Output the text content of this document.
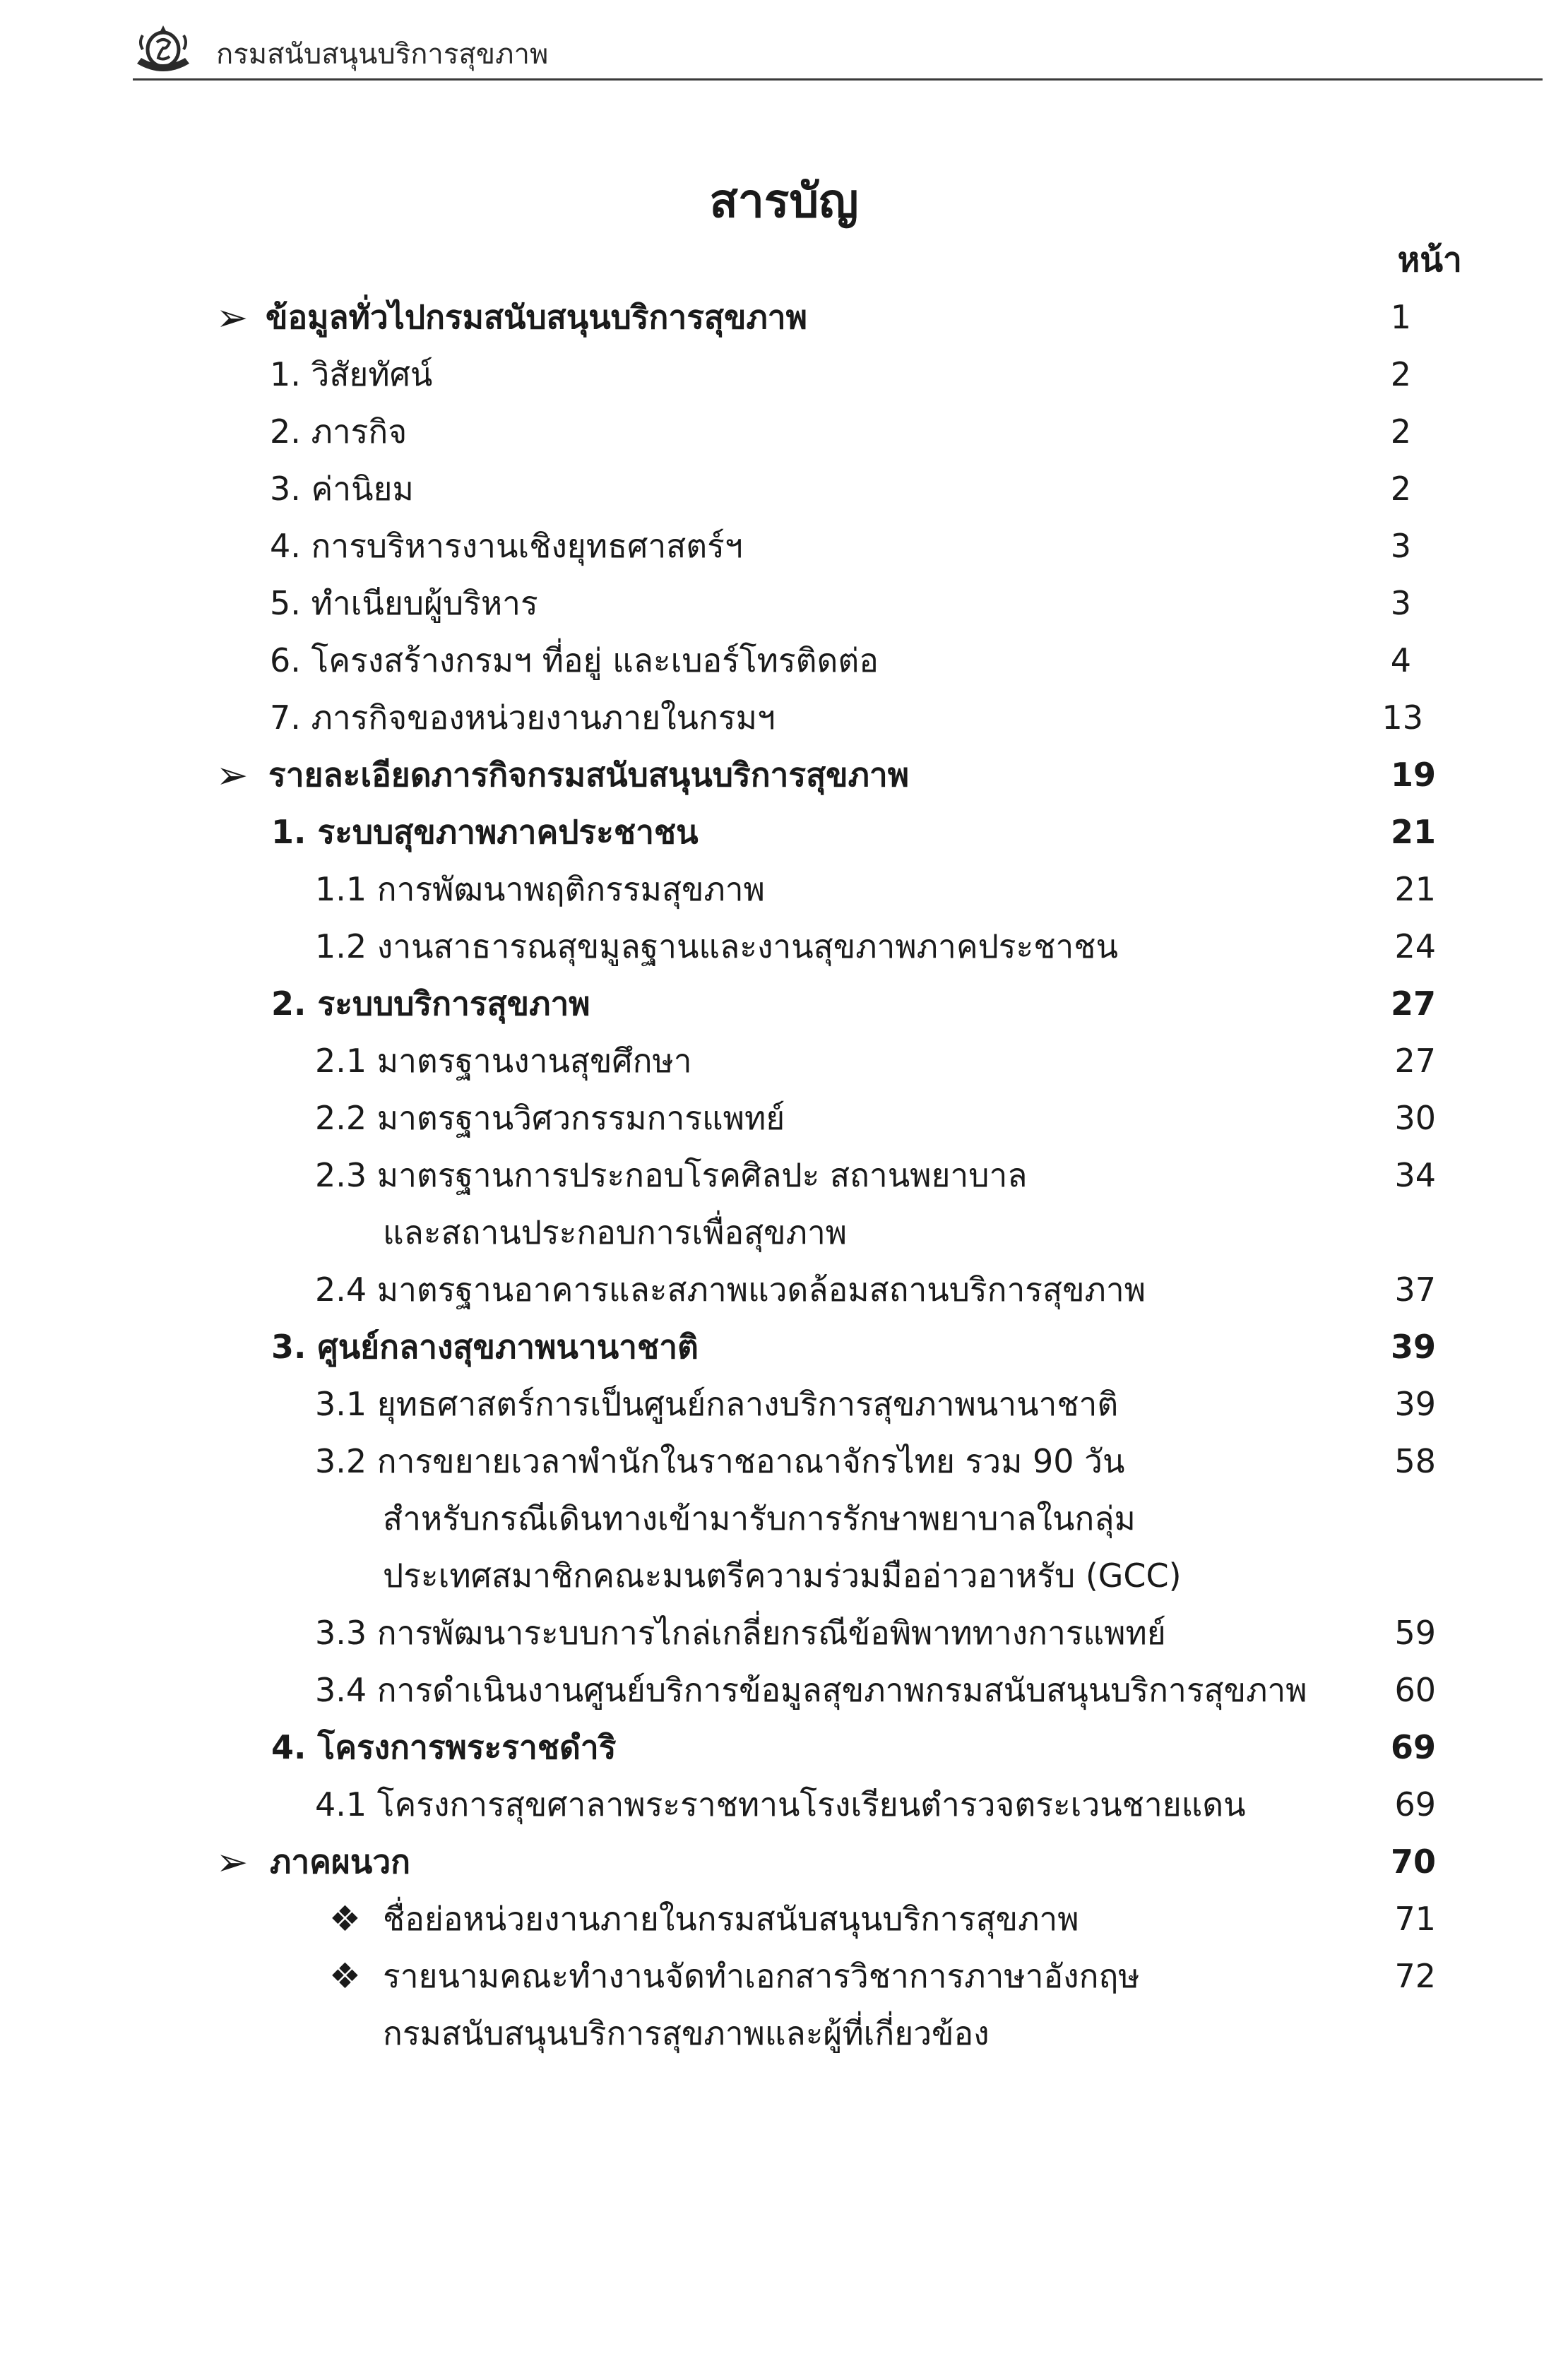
กรมสนับสนุนบริการสุขภาพ
สารบัญ
หน้า
➢ ข้อมูลทั่วไปกรมสนับสนุนบริการสุขภาพ	1
1. วิสัยทัศน์	2
2. ภารกิจ	2
3. ค่านิยม	2
4. การบริหารงานเชิงยุทธศาสตร์ฯ	3
5. ทำเนียบผู้บริหาร	3
6. โครงสร้างกรมฯ ที่อยู่ และเบอร์โทรติดต่อ	4
7. ภารกิจของหน่วยงานภายในกรมฯ	13
➢ รายละเอียดภารกิจกรมสนับสนุนบริการสุขภาพ	19
1. ระบบสุขภาพภาคประชาชน	21
1.1 การพัฒนาพฤติกรรมสุขภาพ	21
1.2 งานสาธารณสุขมูลฐานและงานสุขภาพภาคประชาชน	24
2. ระบบบริการสุขภาพ	27
2.1 มาตรฐานงานสุขศึกษา	27
2.2 มาตรฐานวิศวกรรมการแพทย์	30
2.3 มาตรฐานการประกอบโรคศิลปะ สถานพยาบาล	34
และสถานประกอบการเพื่อสุขภาพ
2.4 มาตรฐานอาคารและสภาพแวดล้อมสถานบริการสุขภาพ	37
3. ศูนย์กลางสุขภาพนานาชาติ	39
3.1 ยุทธศาสตร์การเป็นศูนย์กลางบริการสุขภาพนานาชาติ	39
3.2 การขยายเวลาพำนักในราชอาณาจักรไทย รวม 90 วัน	58
สำหรับกรณีเดินทางเข้ามารับการรักษาพยาบาลในกลุ่ม
ประเทศสมาชิกคณะมนตรีความร่วมมืออ่าวอาหรับ (GCC)
3.3 การพัฒนาระบบการไกล่เกลี่ยกรณีข้อพิพาททางการแพทย์	59
3.4 การดำเนินงานศูนย์บริการข้อมูลสุขภาพกรมสนับสนุนบริการสุขภาพ	60
4. โครงการพระราชดำริ	69
4.1 โครงการสุขศาลาพระราชทานโรงเรียนตำรวจตระเวนชายแดน	69
➢ ภาคผนวก	70
❖ ชื่อย่อหน่วยงานภายในกรมสนับสนุนบริการสุขภาพ	71
❖ รายนามคณะทำงานจัดทำเอกสารวิชาการภาษาอังกฤษ	72
กรมสนับสนุนบริการสุขภาพและผู้ที่เกี่ยวข้อง
